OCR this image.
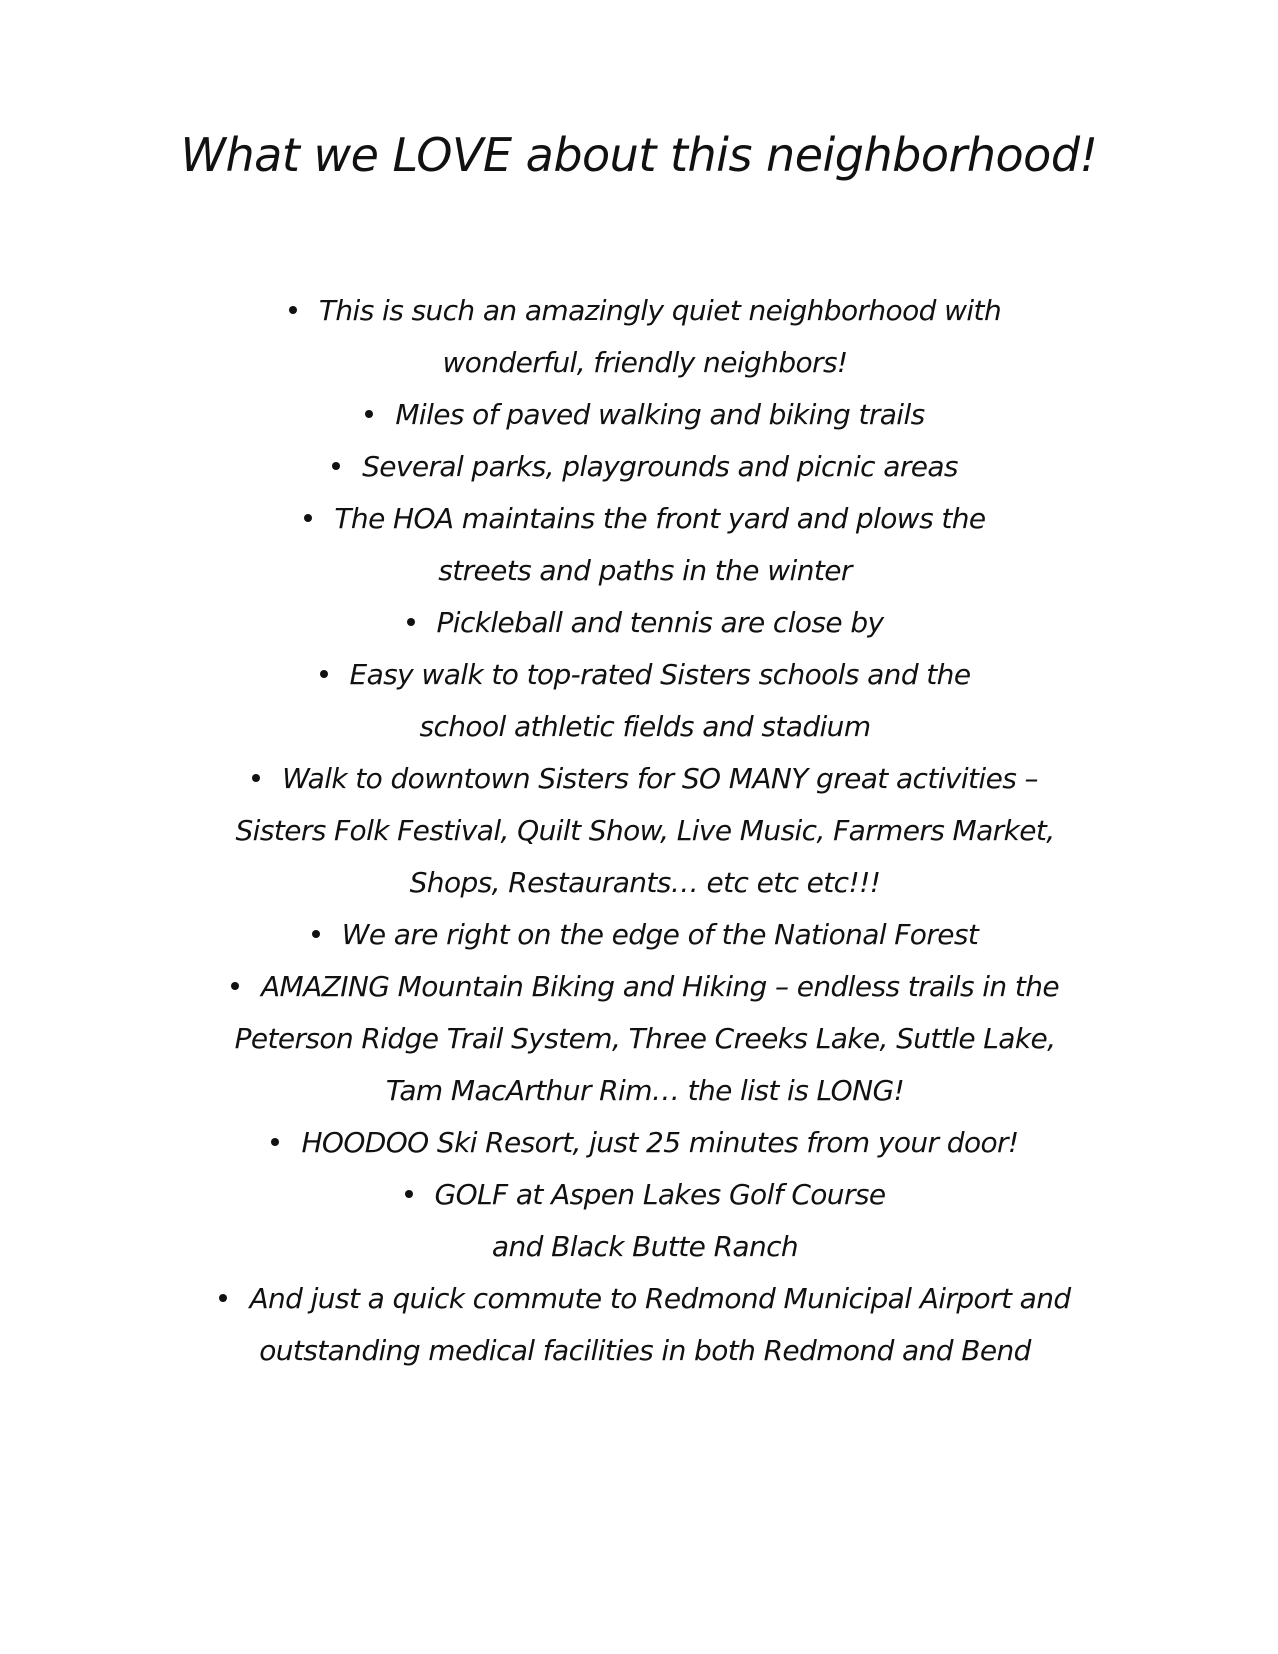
What we LOVE about this neighborhood!
This is such an amazingly quiet neighborhood with
wonderful, friendly neighbors!
Miles of paved walking and biking trails
Several parks, playgrounds and picnic areas
The HOA maintains the front yard and plows the
streets and paths in the winter
Pickleball and tennis are close by
Easy walk to top-rated Sisters schools and the
school athletic fields and stadium
Walk to downtown Sisters for SO MANY great activities –
Sisters Folk Festival, Quilt Show, Live Music, Farmers Market,
Shops, Restaurants… etc etc etc!!!
We are right on the edge of the National Forest
AMAZING Mountain Biking and Hiking – endless trails in the
Peterson Ridge Trail System, Three Creeks Lake, Suttle Lake,
Tam MacArthur Rim… the list is LONG!
HOODOO Ski Resort, just 25 minutes from your door!
GOLF at Aspen Lakes Golf Course
and Black Butte Ranch
And just a quick commute to Redmond Municipal Airport and
outstanding medical facilities in both Redmond and Bend
